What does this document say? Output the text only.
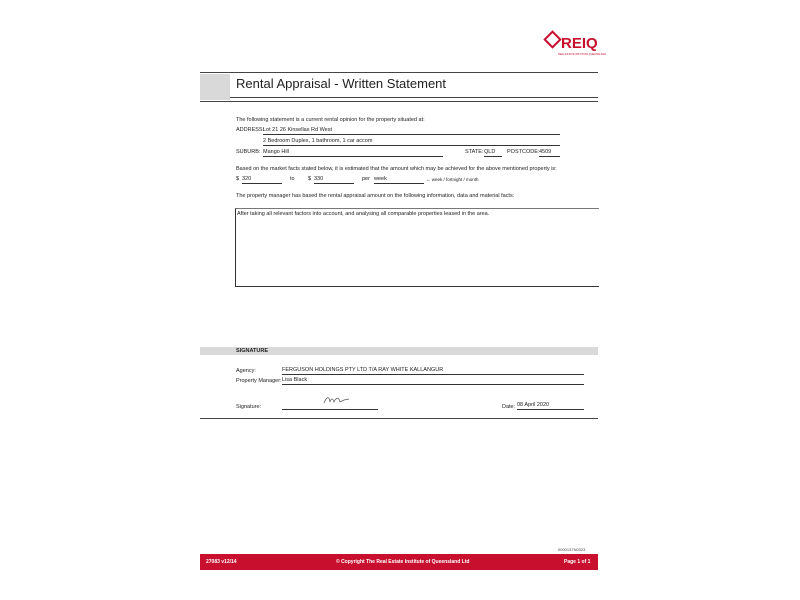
REIQ
REAL ESTATE INSTITUTE QUEENSLAND
Rental Appraisal - Written Statement
The following statement is a current rental opinion for the property situated at:
ADDRESS:
Lot 21 26 Kinsellas Rd West
2 Bedroom Duplex, 1 bathroom, 1 car accom
SUBURB: Mango Hill	STATE: QLD	POSTCODE: 4509
Based on the market facts stated below, it is estimated that the amount which may be achieved for the above mentioned property is:
$ 320	to $ 330	per week	← week / fortnight / month
The property manager has based the rental appraisal amount on the following information, data and material facts:
After taking all relevant factors into account, and analysing all comparable properties leased in the area.
SIGNATURE
Agency:	FERGUSON HOLDINGS PTY LTD T/A RAY WHITE KALLANGUR
Property Manager: Lisa Black
Signature:	Date: 08 April 2020
0000137N0323
27083 v12/14	© Copyright The Real Estate Institute of Queensland Ltd	Page 1 of 1
